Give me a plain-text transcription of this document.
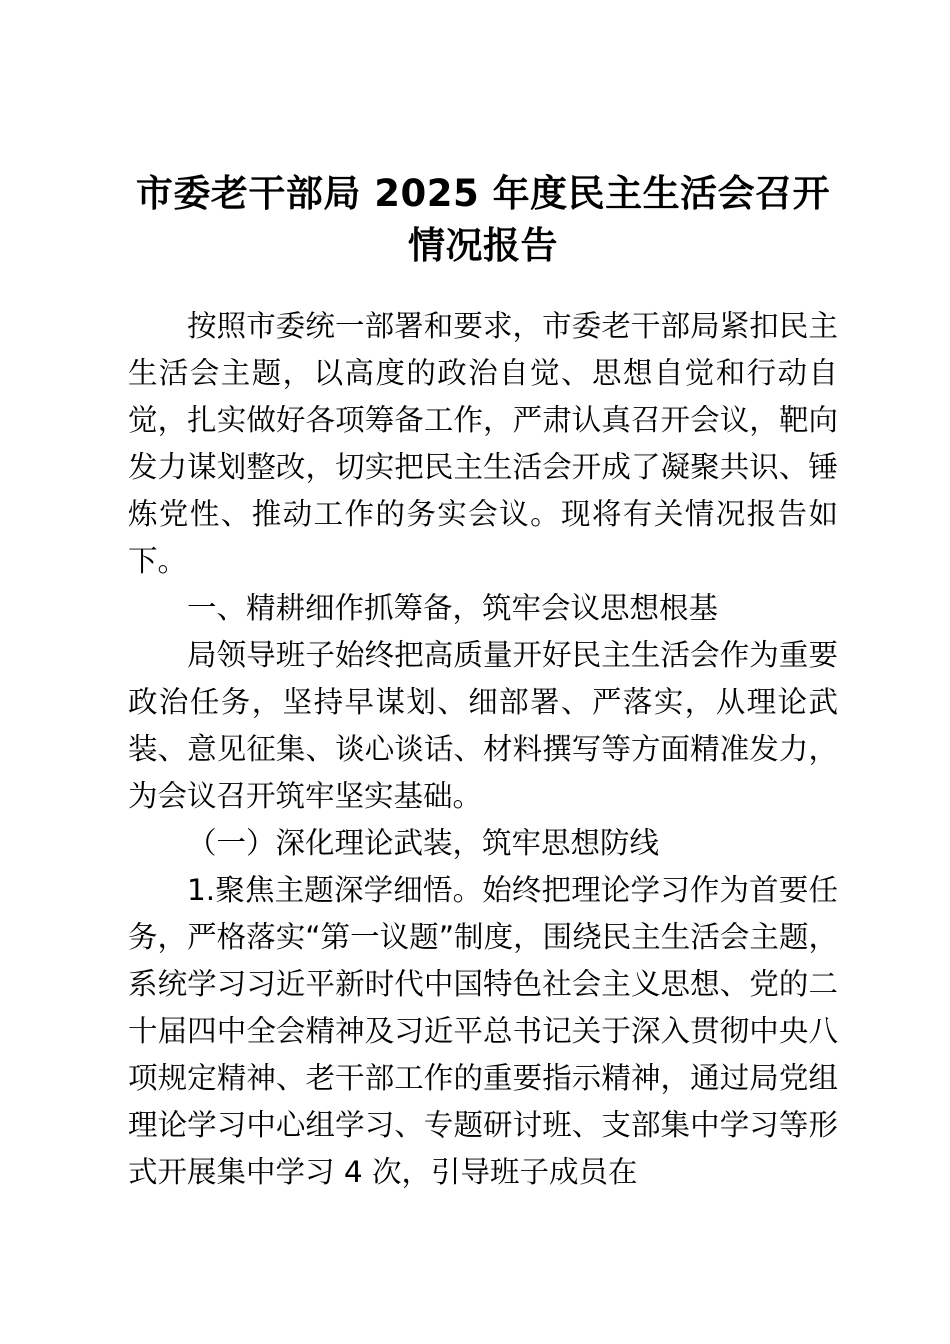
市委老干部局 2025 年度民主生活会召开情况报告

按照市委统一部署和要求，市委老干部局紧扣民主生活会主题，以高度的政治自觉、思想自觉和行动自觉，扎实做好各项筹备工作，严肃认真召开会议，靶向发力谋划整改，切实把民主生活会开成了凝聚共识、锤炼党性、推动工作的务实会议。现将有关情况报告如下。

一、精耕细作抓筹备，筑牢会议思想根基

局领导班子始终把高质量开好民主生活会作为重要政治任务，坚持早谋划、细部署、严落实，从理论武装、意见征集、谈心谈话、材料撰写等方面精准发力，为会议召开筑牢坚实基础。

（一）深化理论武装，筑牢思想防线

1.聚焦主题深学细悟。始终把理论学习作为首要任务，严格落实“第一议题”制度，围绕民主生活会主题，系统学习习近平新时代中国特色社会主义思想、党的二十届四中全会精神及习近平总书记关于深入贯彻中央八项规定精神、老干部工作的重要指示精神，通过局党组理论学习中心组学习、专题研讨班、支部集中学习等形式开展集中学习 4 次，引导班子成员在
